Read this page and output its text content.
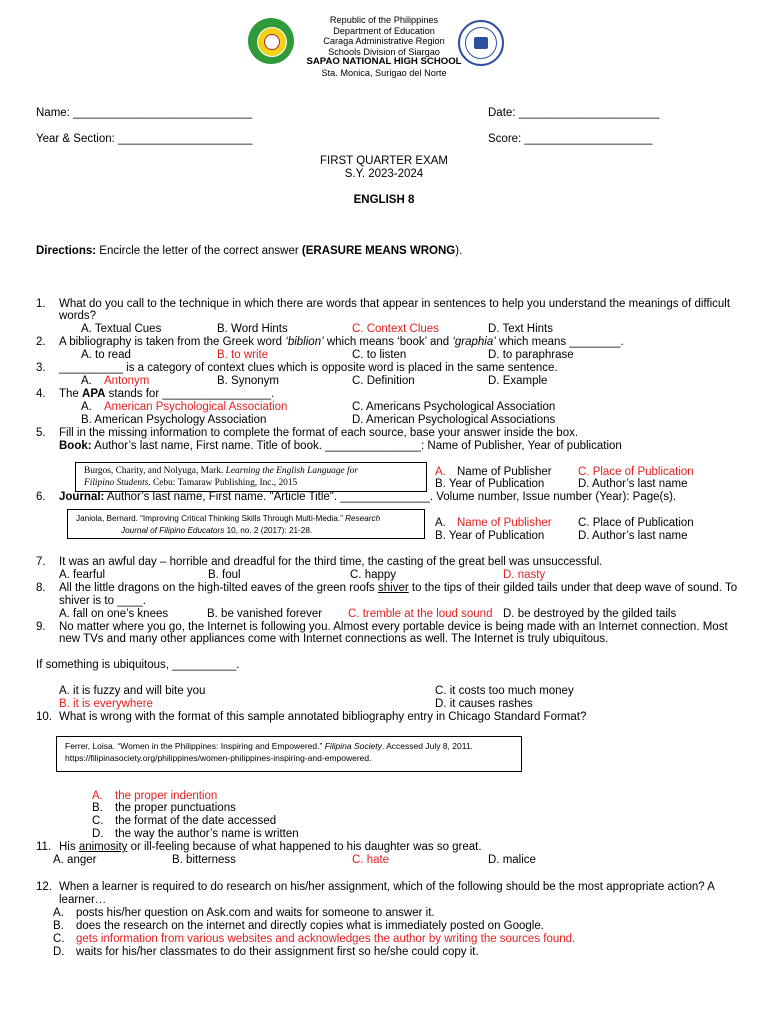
Republic of the Philippines
Department of Education
Caraga Administrative Region
Schools Division of Siargao
SAPAO NATIONAL HIGH SCHOOL
Sta. Monica, Surigao del Norte
Name: ____________________________	Date: ______________________
Year & Section: _____________________	Score: ____________________
FIRST QUARTER EXAM
S.Y. 2023-2024
ENGLISH 8
Directions: Encircle the letter of the correct answer (ERASURE MEANS WRONG).
1. What do you call to the technique in which there are words that appear in sentences to help you understand the meanings of difficult
words?
A. Textual Cues	B. Word Hints	C. Context Clues	D. Text Hints
2. A bibliography is taken from the Greek word ‘biblion’ which means ‘book’ and ‘graphia’ which means ________.
A. to read	B. to write	C. to listen	D. to paraphrase
3. __________ is a category of context clues which is opposite word is placed in the same sentence.
A. Antonym	B. Synonym	C. Definition	D. Example
4. The APA stands for _________________.
A. American Psychological Association	C. Americans Psychological Association
B. American Psychology Association	D. American Psychological Associations
5. Fill in the missing information to complete the format of each source, base your answer inside the box.
Book: Author’s last name, First name. Title of book. _______________: Name of Publisher, Year of publication
Burgos, Charity, and Nolyuga, Mark. Learning the English Language for
Filipino Students. Cebu: Tamaraw Publishing, Inc., 2015
A. Name of Publisher C. Place of Publication
B. Year of Publication	D. Author’s last name
6. Journal: Author’s last name, First name. "Article Title". ______________. Volume number, Issue number (Year): Page(s).
Janiola, Bernard. “Improving Critical Thinking Skills Through Multi-Media.” Research
Journal of Filipino Educators 10, no. 2 (2017): 21-28.
A. Name of Publisher C. Place of Publication
B. Year of Publication	D. Author’s last name
7. It was an awful day – horrible and dreadful for the third time, the casting of the great bell was unsuccessful.
A. fearful	B. foul	C. happy	D. nasty
8. All the little dragons on the high-tilted eaves of the green roofs shiver to the tips of their gilded tails under that deep wave of sound. To
shiver is to ____.
A. fall on one’s knees	B. be vanished forever C. tremble at the loud sound D. be destroyed by the gilded tails
9. No matter where you go, the Internet is following you. Almost every portable device is being made with an Internet connection. Most
new TVs and many other appliances come with Internet connections as well. The Internet is truly ubiquitous.
If something is ubiquitous, __________.
A. it is fuzzy and will bite you	C. it costs too much money
B. it is everywhere	D. it causes rashes
10. What is wrong with the format of this sample annotated bibliography entry in Chicago Standard Format?
Ferrer, Loisa. “Women in the Philippines: Inspiring and Empowered.” Filipina Society. Accessed July 8, 2011.
https://filipinasociety.org/philippines/women-philippines-inspiring-and-empowered.
A. the proper indention
B. the proper punctuations
C. the format of the date accessed
D. the way the author’s name is written
11. His animosity or ill-feeling because of what happened to his daughter was so great.
A. anger	B. bitterness	C. hate	D. malice
12. When a learner is required to do research on his/her assignment, which of the following should be the most appropriate action? A
learner…
A. posts his/her question on Ask.com and waits for someone to answer it.
B. does the research on the internet and directly copies what is immediately posted on Google.
C. gets information from various websites and acknowledges the author by writing the sources found.
D. waits for his/her classmates to do their assignment first so he/she could copy it.
